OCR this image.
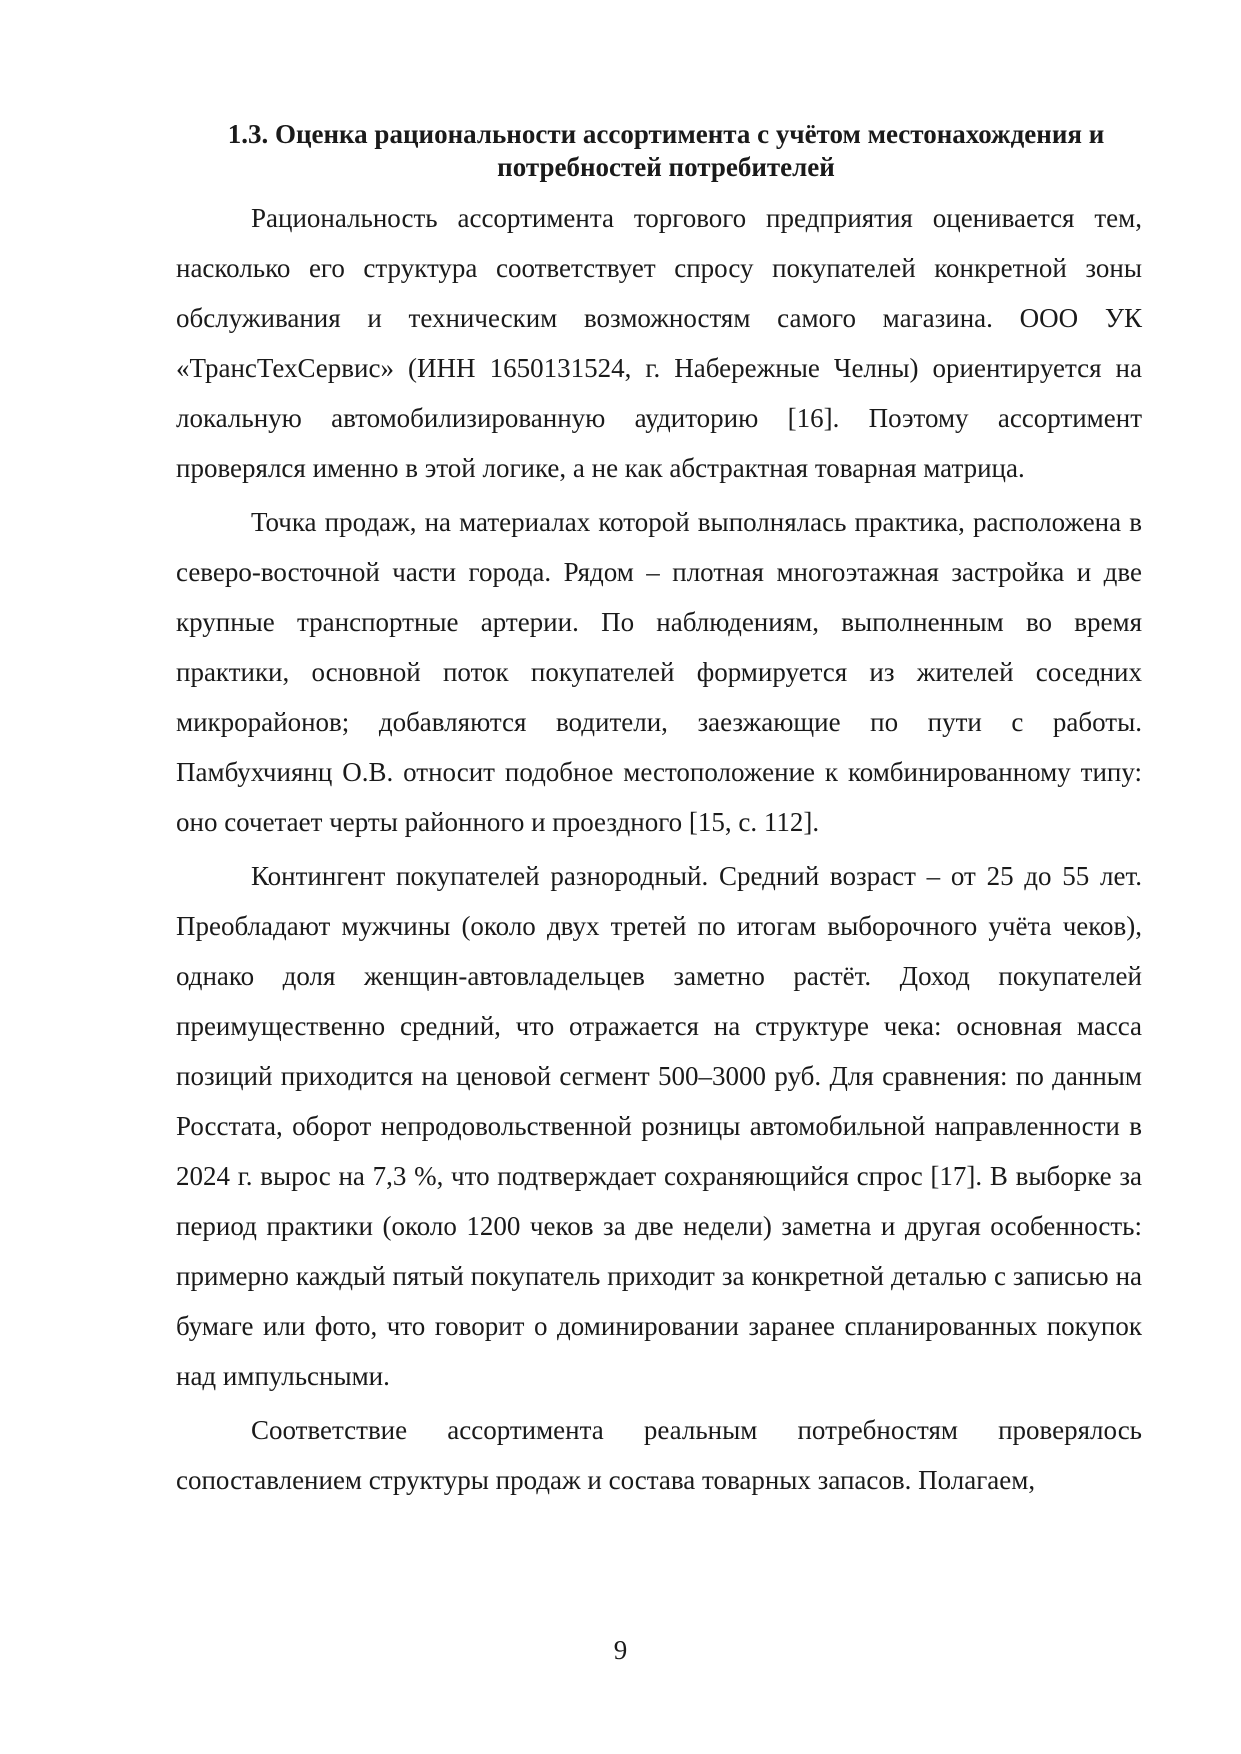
1.3. Оценка рациональности ассортимента с учётом местонахождения и потребностей потребителей

Рациональность ассортимента торгового предприятия оценивается тем, насколько его структура соответствует спросу покупателей конкретной зоны обслуживания и техническим возможностям самого магазина. ООО УК «ТрансТехСервис» (ИНН 1650131524, г. Набережные Челны) ориентируется на локальную автомобилизированную аудиторию [16]. Поэтому ассортимент проверялся именно в этой логике, а не как абстрактная товарная матрица.

Точка продаж, на материалах которой выполнялась практика, расположена в северо-восточной части города. Рядом – плотная многоэтажная застройка и две крупные транспортные артерии. По наблюдениям, выполненным во время практики, основной поток покупателей формируется из жителей соседних микрорайонов; добавляются водители, заезжающие по пути с работы. Памбухчиянц О.В. относит подобное местоположение к комбинированному типу: оно сочетает черты районного и проездного [15, с. 112].

Контингент покупателей разнородный. Средний возраст – от 25 до 55 лет. Преобладают мужчины (около двух третей по итогам выборочного учёта чеков), однако доля женщин-автовладельцев заметно растёт. Доход покупателей преимущественно средний, что отражается на структуре чека: основная масса позиций приходится на ценовой сегмент 500–3000 руб. Для сравнения: по данным Росстата, оборот непродовольственной розницы автомобильной направленности в 2024 г. вырос на 7,3 %, что подтверждает сохраняющийся спрос [17]. В выборке за период практики (около 1200 чеков за две недели) заметна и другая особенность: примерно каждый пятый покупатель приходит за конкретной деталью с записью на бумаге или фото, что говорит о доминировании заранее спланированных покупок над импульсными.

Соответствие ассортимента реальным потребностям проверялось сопоставлением структуры продаж и состава товарных запасов. Полагаем,

9
